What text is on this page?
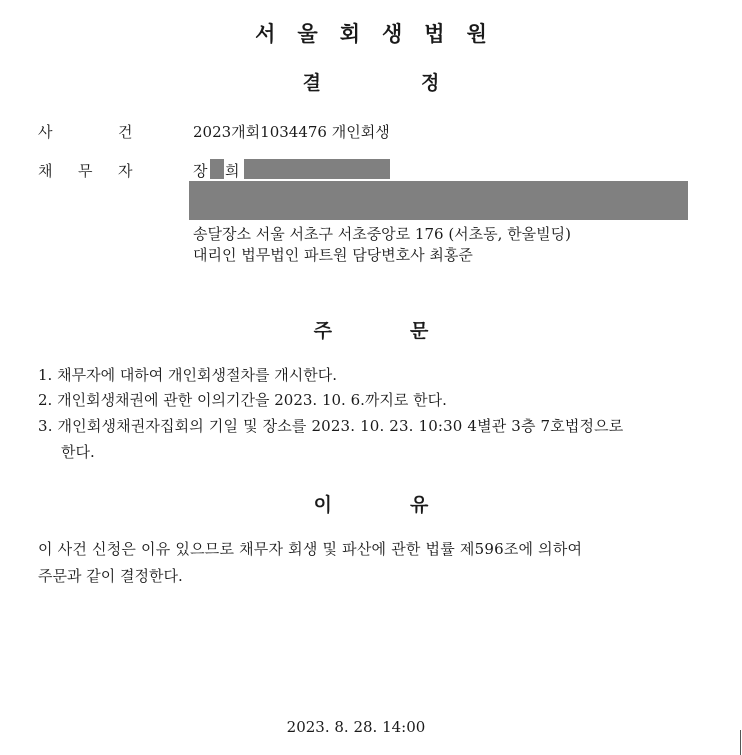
서 울 회 생 법 원
결	정
사	건	2023개회1034476 개인회생
채 무 자	장 희
송달장소 서울 서초구 서초중앙로 176 (서초동, 한울빌딩)
대리인 법무법인 파트원 담당변호사 최홍준
주	문
1. 채무자에 대하여 개인회생절차를 개시한다.
2. 개인회생채권에 관한 이의기간을 2023. 10. 6.까지로 한다.
3. 개인회생채권자집회의 기일 및 장소를 2023. 10. 23. 10:30 4별관 3층 7호법정으로
한다.
이	유
이 사건 신청은 이유 있으므로 채무자 회생 및 파산에 관한 법률 제596조에 의하여
주문과 같이 결정한다.
2023. 8. 28. 14:00
